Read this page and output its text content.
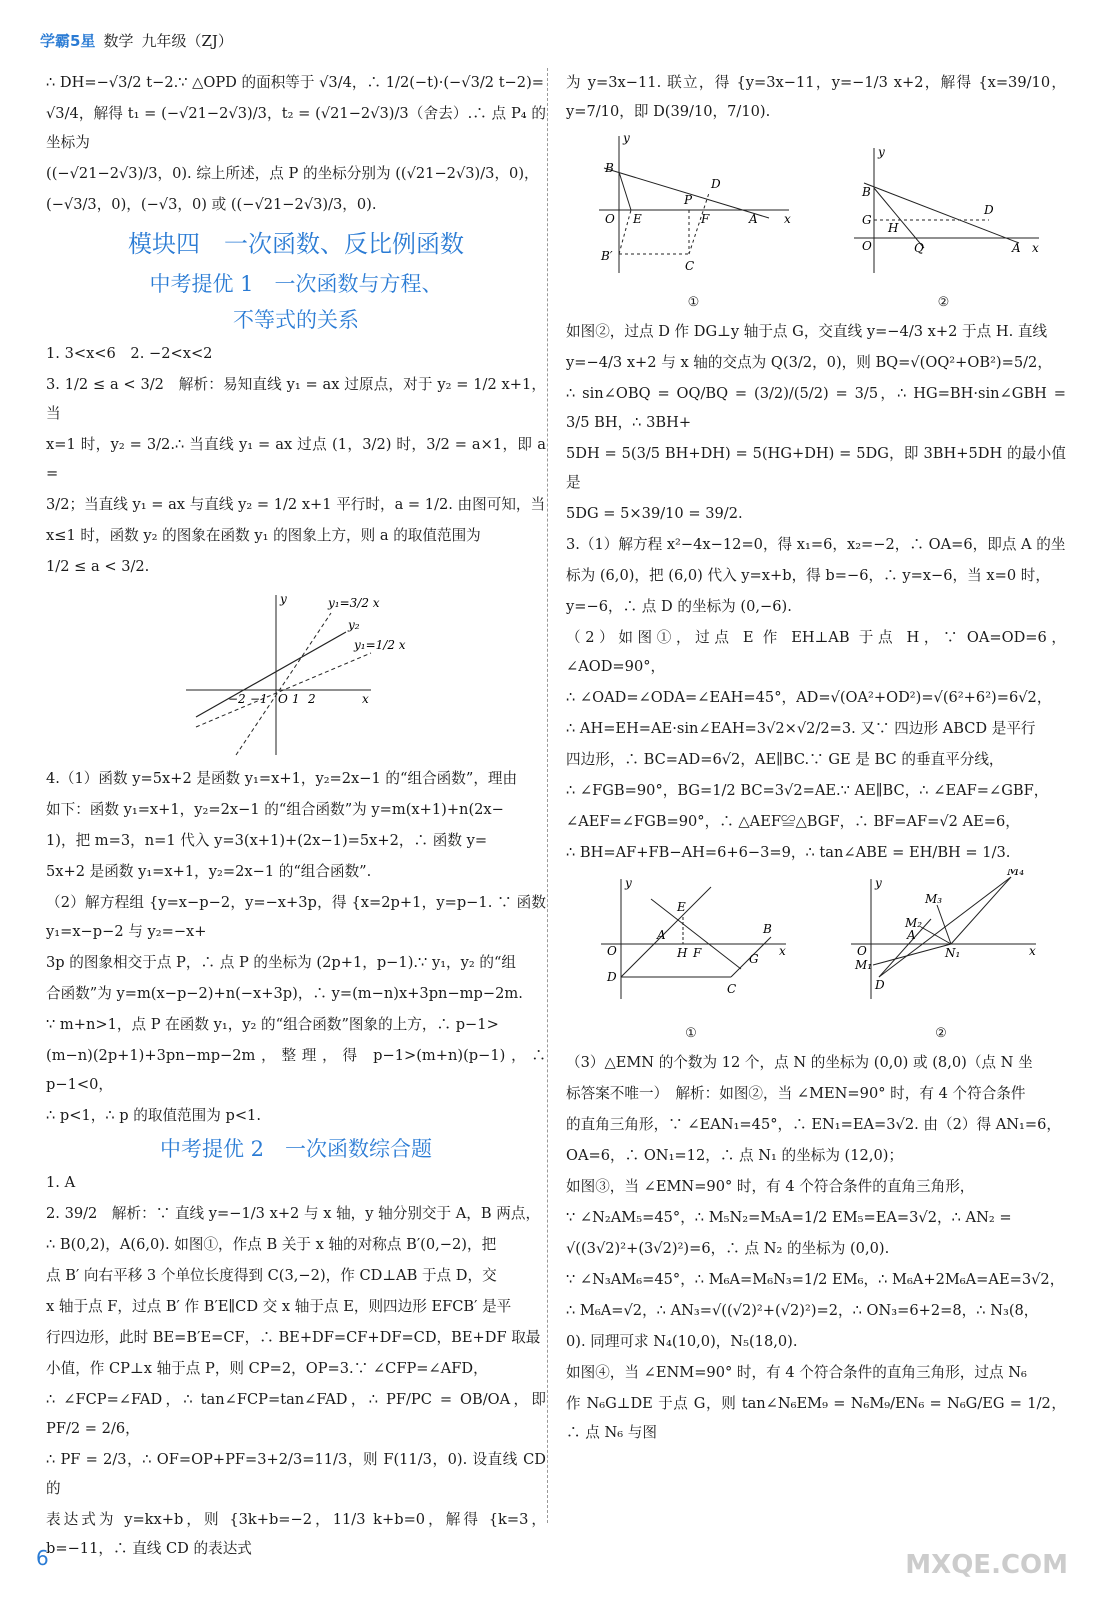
学霸5星 数学 九年级（ZJ）

∴ DH=−√3/2 t−2.∵ △OPD 的面积等于 √3/4，∴ 1/2(−t)·(−√3/2 t−2)=

√3/4，解得 t₁ = (−√21−2√3)/3，t₂ = (√21−2√3)/3（舍去）.∴ 点 P₄ 的坐标为

((−√21−2√3)/3，0). 综上所述，点 P 的坐标分别为 ((√21−2√3)/3，0)，

(−√3/3，0)，(−√3，0) 或 ((−√21−2√3)/3，0).

模块四　一次函数、反比例函数
中考提优 1　一次函数与方程、
不等式的关系

1. 3<x<6　2. −2<x<2

3. 1/2 ≤ a < 3/2　解析：易知直线 y₁ = ax 过原点，对于 y₂ = 1/2 x+1，当

x=1 时，y₂ = 3/2.∴ 当直线 y₁ = ax 过点 (1，3/2) 时，3/2 = a×1，即 a =

3/2；当直线 y₁ = ax 与直线 y₂ = 1/2 x+1 平行时，a = 1/2. 由图可知，当

x≤1 时，函数 y₂ 的图象在函数 y₁ 的图象上方，则 a 的取值范围为

1/2 ≤ a < 3/2.

y₁=3/2 x
y₂
y₁=1/2 x
y
x
O
−2 −1 1 2

4.（1）函数 y=5x+2 是函数 y₁=x+1，y₂=2x−1 的“组合函数”，理由

如下：函数 y₁=x+1，y₂=2x−1 的“组合函数”为 y=m(x+1)+n(2x−

1)，把 m=3，n=1 代入 y=3(x+1)+(2x−1)=5x+2，∴ 函数 y=

5x+2 是函数 y₁=x+1，y₂=2x−1 的“组合函数”.

（2）解方程组 {y=x−p−2，y=−x+3p，得 {x=2p+1，y=p−1. ∵ 函数 y₁=x−p−2 与 y₂=−x+

3p 的图象相交于点 P，∴ 点 P 的坐标为 (2p+1，p−1).∵ y₁，y₂ 的“组

合函数”为 y=m(x−p−2)+n(−x+3p)，∴ y=(m−n)x+3pn−mp−2m.

∵ m+n>1，点 P 在函数 y₁，y₂ 的“组合函数”图象的上方，∴ p−1>

(m−n)(2p+1)+3pn−mp−2m，整理，得 p−1>(m+n)(p−1)，∴ p−1<0，

∴ p<1，∴ p 的取值范围为 p<1.

中考提优 2　一次函数综合题

1. A

2. 39/2　解析：∵ 直线 y=−1/3 x+2 与 x 轴，y 轴分别交于 A，B 两点，

∴ B(0,2)，A(6,0). 如图①，作点 B 关于 x 轴的对称点 B′(0,−2)，把

点 B′ 向右平移 3 个单位长度得到 C(3,−2)，作 CD⊥AB 于点 D，交

x 轴于点 F，过点 B′ 作 B′E∥CD 交 x 轴于点 E，则四边形 EFCB′ 是平

行四边形，此时 BE=B′E=CF，∴ BE+DF=CF+DF=CD，BE+DF 取最

小值，作 CP⊥x 轴于点 P，则 CP=2，OP=3.∵ ∠CFP=∠AFD，

∴ ∠FCP=∠FAD，∴ tan∠FCP=tan∠FAD，∴ PF/PC = OB/OA，即 PF/2 = 2/6，

∴ PF = 2/3，∴ OF=OP+PF=3+2/3=11/3，则 F(11/3，0). 设直线 CD 的

表达式为 y=kx+b，则 {3k+b=−2，11/3 k+b=0，解得 {k=3，b=−11，∴ 直线 CD 的表达式

为 y=3x−11. 联立，得 {y=3x−11，y=−1/3 x+2，解得 {x=39/10，y=7/10，即 D(39/10，7/10).

y
B
D
P
O E	F	A x
B′
C

①

y
B
G
H
D
O	Q	A x

②

如图②，过点 D 作 DG⊥y 轴于点 G，交直线 y=−4/3 x+2 于点 H. 直线

y=−4/3 x+2 与 x 轴的交点为 Q(3/2，0)，则 BQ=√(OQ²+OB²)=5/2，

∴ sin∠OBQ = OQ/BQ = (3/2)/(5/2) = 3/5，∴ HG=BH·sin∠GBH = 3/5 BH，∴ 3BH+

5DH = 5(3/5 BH+DH) = 5(HG+DH) = 5DG，即 3BH+5DH 的最小值是

5DG = 5×39/10 = 39/2.

3.（1）解方程 x²−4x−12=0，得 x₁=6，x₂=−2，∴ OA=6，即点 A 的坐

标为 (6,0)，把 (6,0) 代入 y=x+b，得 b=−6，∴ y=x−6，当 x=0 时，

y=−6，∴ 点 D 的坐标为 (0,−6).

（2）如图①，过点 E 作 EH⊥AB 于点 H，∵ OA=OD=6，∠AOD=90°，

∴ ∠OAD=∠ODA=∠EAH=45°，AD=√(OA²+OD²)=√(6²+6²)=6√2，

∴ AH=EH=AE·sin∠EAH=3√2×√2/2=3. 又∵ 四边形 ABCD 是平行

四边形，∴ BC=AD=6√2，AE∥BC.∵ GE 是 BC 的垂直平分线，

∴ ∠FGB=90°，BG=1/2 BC=3√2=AE.∵ AE∥BC，∴ ∠EAF=∠GBF，

∠AEF=∠FGB=90°，∴ △AEF≌△BGF，∴ BF=AF=√2 AE=6，

∴ BH=AF+FB−AH=6+6−3=9，∴ tan∠ABE = EH/BH = 1/3.

y
E
A	B
O	H F	x
G
D
C

①

y
M₄
M₃
M₂
O
A
N₁	x
M₁
D

②

（3）△EMN 的个数为 12 个，点 N 的坐标为 (0,0) 或 (8,0)（点 N 坐

标答案不唯一）　解析：如图②，当 ∠MEN=90° 时，有 4 个符合条件

的直角三角形，∵ ∠EAN₁=45°，∴ EN₁=EA=3√2. 由（2）得 AN₁=6，

OA=6，∴ ON₁=12，∴ 点 N₁ 的坐标为 (12,0)；

如图③，当 ∠EMN=90° 时，有 4 个符合条件的直角三角形，

∵ ∠N₂AM₅=45°，∴ M₅N₂=M₅A=1/2 EM₅=EA=3√2，∴ AN₂ =

√((3√2)²+(3√2)²)=6，∴ 点 N₂ 的坐标为 (0,0).

∵ ∠N₃AM₆=45°，∴ M₆A=M₆N₃=1/2 EM₆，∴ M₆A+2M₆A=AE=3√2，

∴ M₆A=√2，∴ AN₃=√((√2)²+(√2)²)=2，∴ ON₃=6+2=8，∴ N₃(8，

0). 同理可求 N₄(10,0)，N₅(18,0).

如图④，当 ∠ENM=90° 时，有 4 个符合条件的直角三角形，过点 N₆

作 N₆G⊥DE 于点 G，则 tan∠N₆EM₉ = N₆M₉/EN₆ = N₆G/EG = 1/2，∴ 点 N₆ 与图

6	MXQE.COM
